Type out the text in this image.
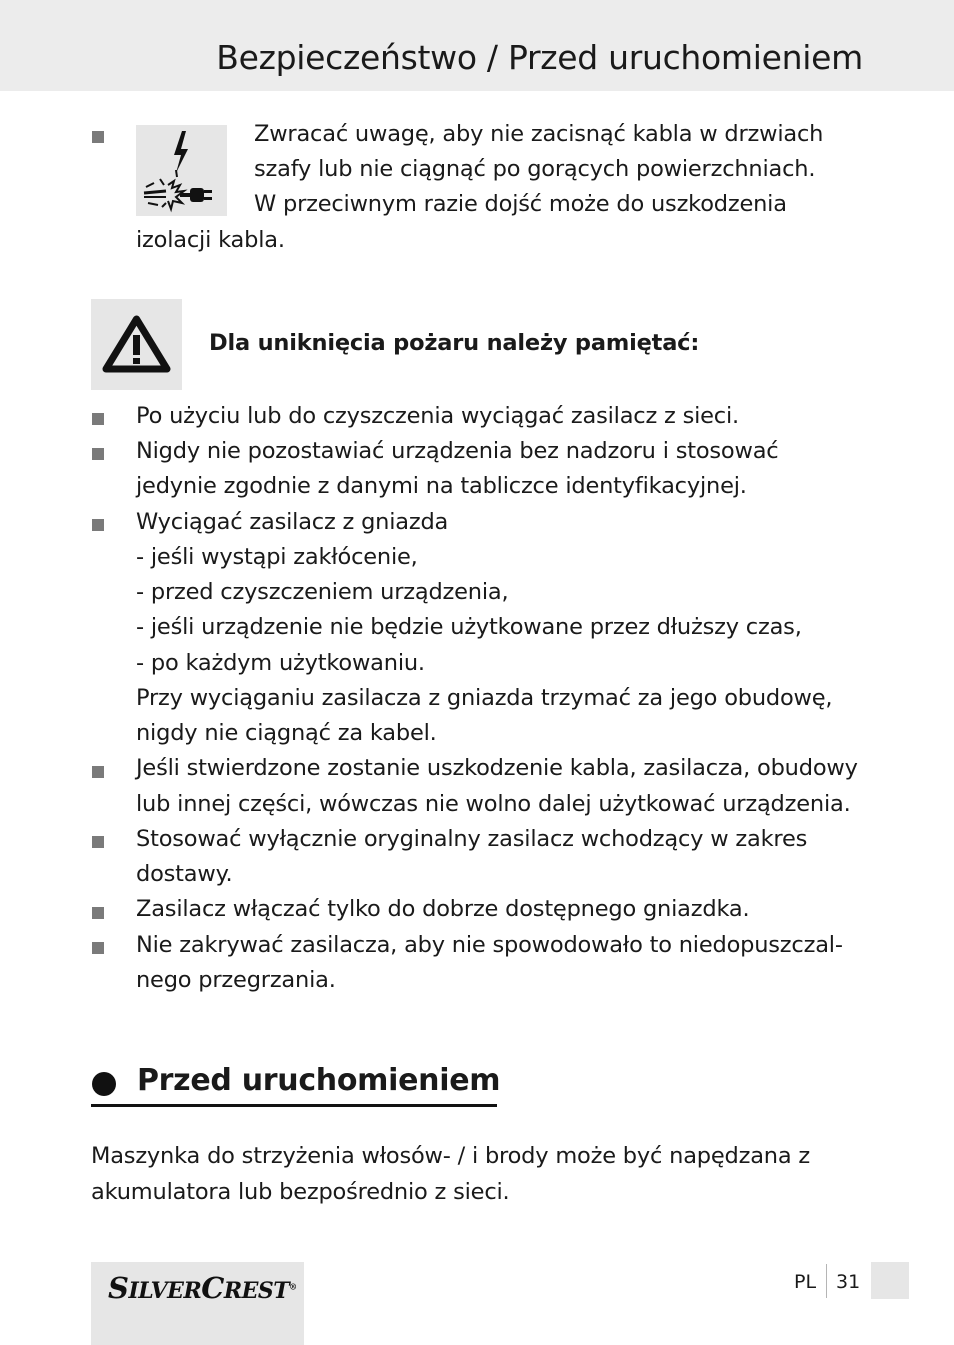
Bezpieczeństwo / Przed uruchomieniem
Zwracać uwagę, aby nie zacisnąć kabla w drzwiach
szafy lub nie ciągnąć po gorących powierzchniach.
W przeciwnym razie dojść może do uszkodzenia
izolacji kabla.
Dla uniknięcia pożaru należy pamiętać:
Po użyciu lub do czyszczenia wyciągać zasilacz z sieci.
Nigdy nie pozostawiać urządzenia bez nadzoru i stosować
jedynie zgodnie z danymi na tabliczce identyfikacyjnej.
Wyciągać zasilacz z gniazda
- jeśli wystąpi zakłócenie,
- przed czyszczeniem urządzenia,
- jeśli urządzenie nie będzie użytkowane przez dłuższy czas,
- po każdym użytkowaniu.
Przy wyciąganiu zasilacza z gniazda trzymać za jego obudowę,
nigdy nie ciągnąć za kabel.
Jeśli stwierdzone zostanie uszkodzenie kabla, zasilacza, obudowy
lub innej części, wówczas nie wolno dalej użytkować urządzenia.
Stosować wyłącznie oryginalny zasilacz wchodzący w zakres
dostawy.
Zasilacz włączać tylko do dobrze dostępnego gniazdka.
Nie zakrywać zasilacza, aby nie spowodowało to niedopuszczal-
nego przegrzania.
Przed uruchomieniem
Maszynka do strzyżenia włosów- / i brody może być napędzana z
akumulatora lub bezpośrednio z sieci.
SILVERCREST®	PL 31
